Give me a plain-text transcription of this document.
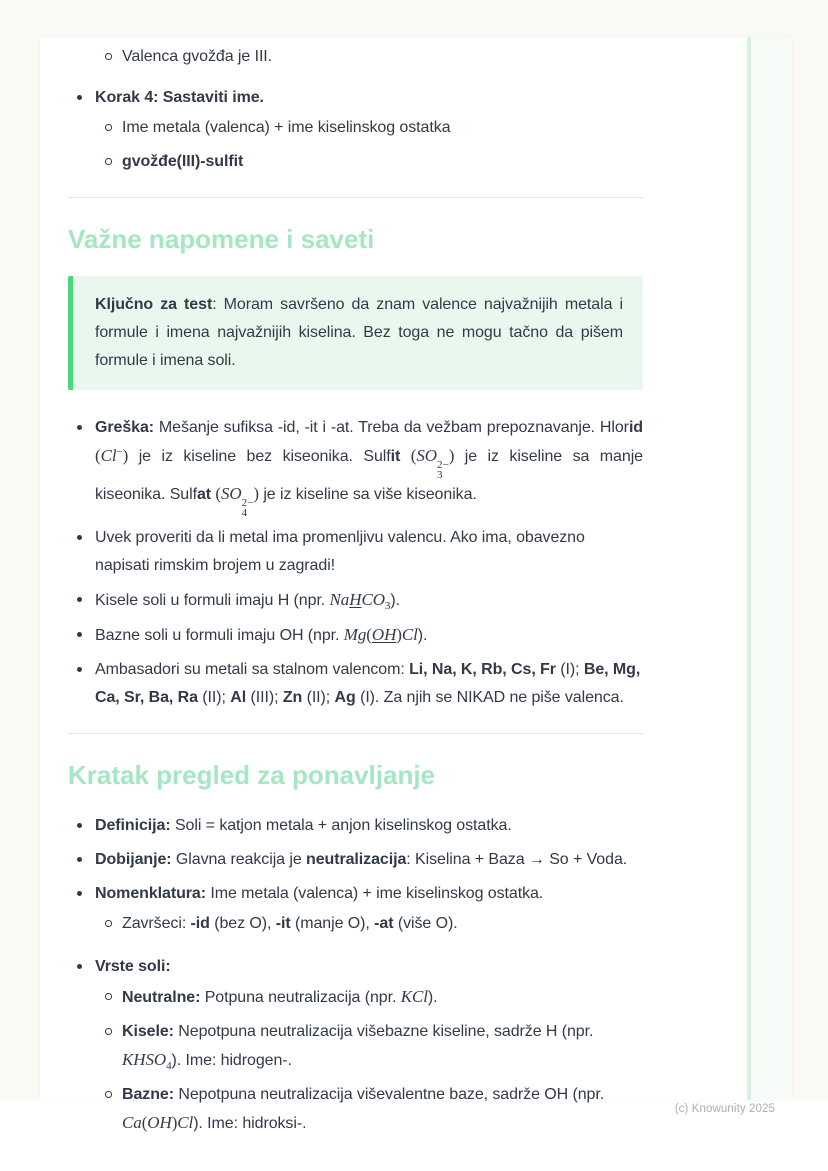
Valenca gvožđa je III.
Korak 4: Sastaviti ime.
Ime metala (valenca) + ime kiselinskog ostatka
gvožđe(III)-sulfit
Važne napomene i saveti

Ključno za test: Moram savršeno da znam valence najvažnijih metala i formule i imena najvažnijih kiselina. Bez toga ne mogu tačno da pišem formule i imena soli.

Greška: Mešanje sufiksa -id, -it i -at. Treba da vežbam prepoznavanje. Hlorid (Cl−) je iz kiseline bez kiseonika. Sulfit (SO 2−
3
) je iz kiseline sa manje kiseonika. Sulfat (SO 2−
4
) je iz kiseline sa više kiseonika.
Uvek proveriti da li metal ima promenljivu valencu. Ako ima, obavezno napisati rimskim brojem u zagradi!
Kisele soli u formuli imaju H (npr. NaHCO$_3$).
Bazne soli u formuli imaju OH (npr. Mg(OH)Cl).
Ambasadori su metali sa stalnom valencom: Li, Na, K, Rb, Cs, Fr (I); Be, Mg, Ca, Sr, Ba, Ra (II); Al (III); Zn (II); Ag (I). Za njih se NIKAD ne piše valenca.
Kratak pregled za ponavljanje
Definicija: Soli = katjon metala + anjon kiselinskog ostatka.
Dobijanje: Glavna reakcija je neutralizacija: Kiselina + Baza → So + Voda.
Nomenklatura: Ime metala (valenca) + ime kiselinskog ostatka.
Završeci: -id (bez O), -it (manje O), -at (više O).
Vrste soli:
Neutralne: Potpuna neutralizacija (npr. KCl).
Kisele: Nepotpuna neutralizacija višebazne kiseline, sadrže H (npr. $KHSO_4$). Ime: hidrogen-.
Bazne: Nepotpuna neutralizacija viševalentne baze, sadrže OH (npr. Ca(OH)Cl). Ime: hidroksi-.
(c) Knowunity 2025
